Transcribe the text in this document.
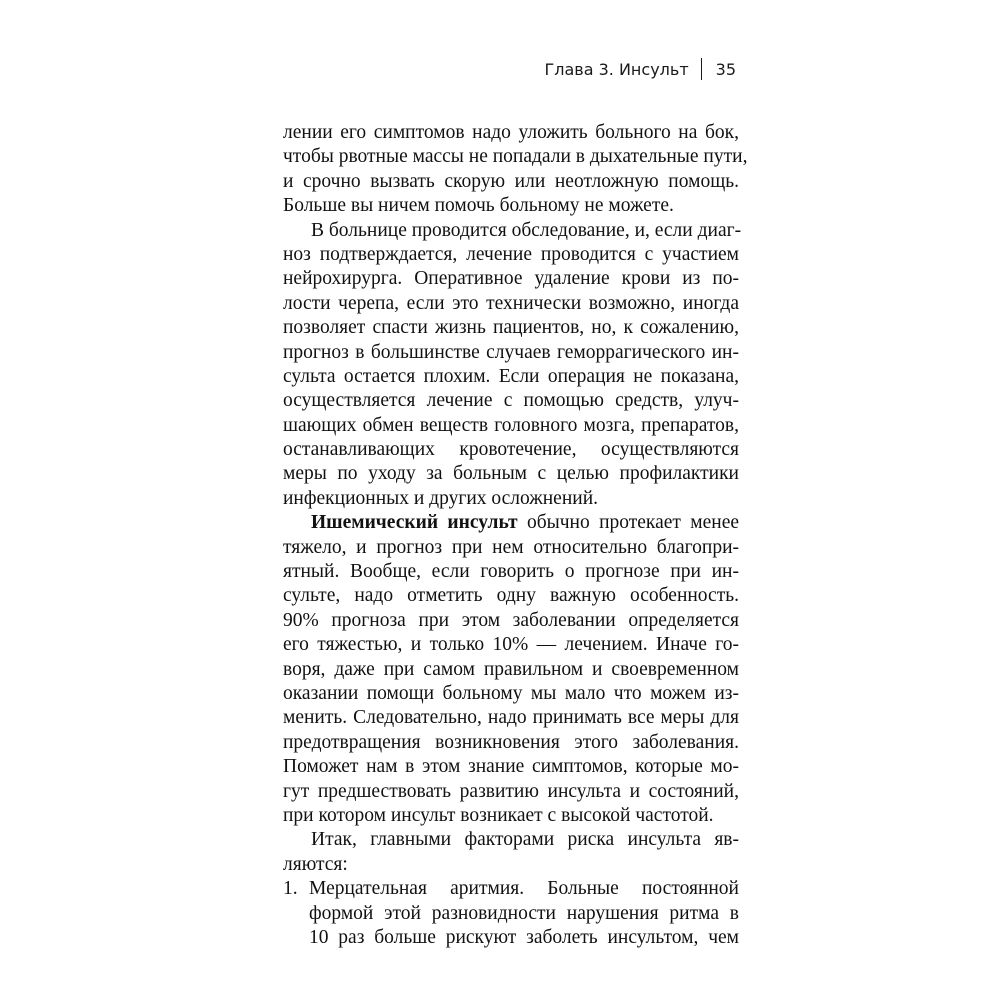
Глава 3. Инсульт 35
лении его симптомов надо уложить больного на бок,
чтобы рвотные массы не попадали в дыхательные пути,
и срочно вызвать скорую или неотложную помощь.
Больше вы ничем помочь больному не можете.
В больнице проводится обследование, и, если диаг-
ноз подтверждается, лечение проводится с участием
нейрохирурга. Оперативное удаление крови из по-
лости черепа, если это технически возможно, иногда
позволяет спасти жизнь пациентов, но, к сожалению,
прогноз в большинстве случаев геморрагического ин-
сульта остается плохим. Если операция не показана,
осуществляется лечение с помощью средств, улуч-
шающих обмен веществ головного мозга, препаратов,
останавливающих кровотечение, осуществляются
меры по уходу за больным с целью профилактики
инфекционных и других осложнений.
Ишемический инсульт обычно протекает менее
тяжело, и прогноз при нем относительно благопри-
ятный. Вообще, если говорить о прогнозе при ин-
сульте, надо отметить одну важную особенность.
90% прогноза при этом заболевании определяется
его тяжестью, и только 10% — лечением. Иначе го-
воря, даже при самом правильном и своевременном
оказании помощи больному мы мало что можем из-
менить. Следовательно, надо принимать все меры для
предотвращения возникновения этого заболевания.
Поможет нам в этом знание симптомов, которые мо-
гут предшествовать развитию инсульта и состояний,
при котором инсульт возникает с высокой частотой.
Итак, главными факторами риска инсульта яв-
ляются:
1. Мерцательная аритмия. Больные постоянной
формой этой разновидности нарушения ритма в
10 раз больше рискуют заболеть инсультом, чем
